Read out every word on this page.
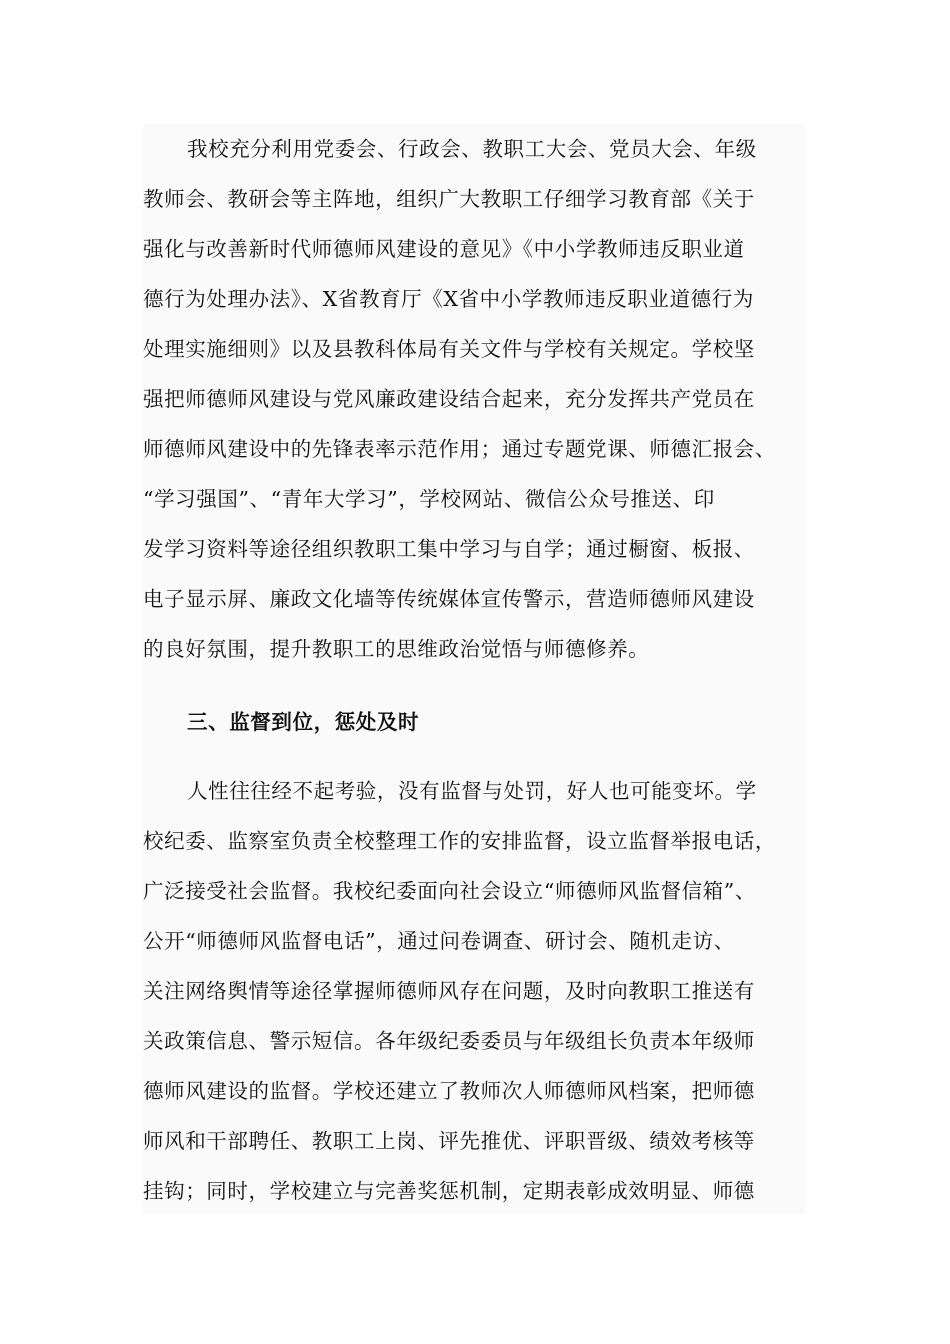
我校充分利用党委会、行政会、教职工大会、党员大会、年级
教师会、教研会等主阵地，组织广大教职工仔细学习教育部《关于
强化与改善新时代师德师风建设的意见》《中小学教师违反职业道
德行为处理办法》、X省教育厅《X省中小学教师违反职业道德行为
处理实施细则》以及县教科体局有关文件与学校有关规定。学校坚
强把师德师风建设与党风廉政建设结合起来，充分发挥共产党员在
师德师风建设中的先锋表率示范作用；通过专题党课、师德汇报会、
“学习强国”、“青年大学习”，学校网站、微信公众号推送、印
发学习资料等途径组织教职工集中学习与自学；通过橱窗、板报、
电子显示屏、廉政文化墙等传统媒体宣传警示，营造师德师风建设
的良好氛围，提升教职工的思维政治觉悟与师德修养。
三、监督到位，惩处及时
人性往往经不起考验，没有监督与处罚，好人也可能变坏。学
校纪委、监察室负责全校整理工作的安排监督，设立监督举报电话，
广泛接受社会监督。我校纪委面向社会设立“师德师风监督信箱”、
公开“师德师风监督电话”，通过问卷调查、研讨会、随机走访、
关注网络舆情等途径掌握师德师风存在问题，及时向教职工推送有
关政策信息、警示短信。各年级纪委委员与年级组长负责本年级师
德师风建设的监督。学校还建立了教师次人师德师风档案，把师德
师风和干部聘任、教职工上岗、评先推优、评职晋级、绩效考核等
挂钩；同时，学校建立与完善奖惩机制，定期表彰成效明显、师德
